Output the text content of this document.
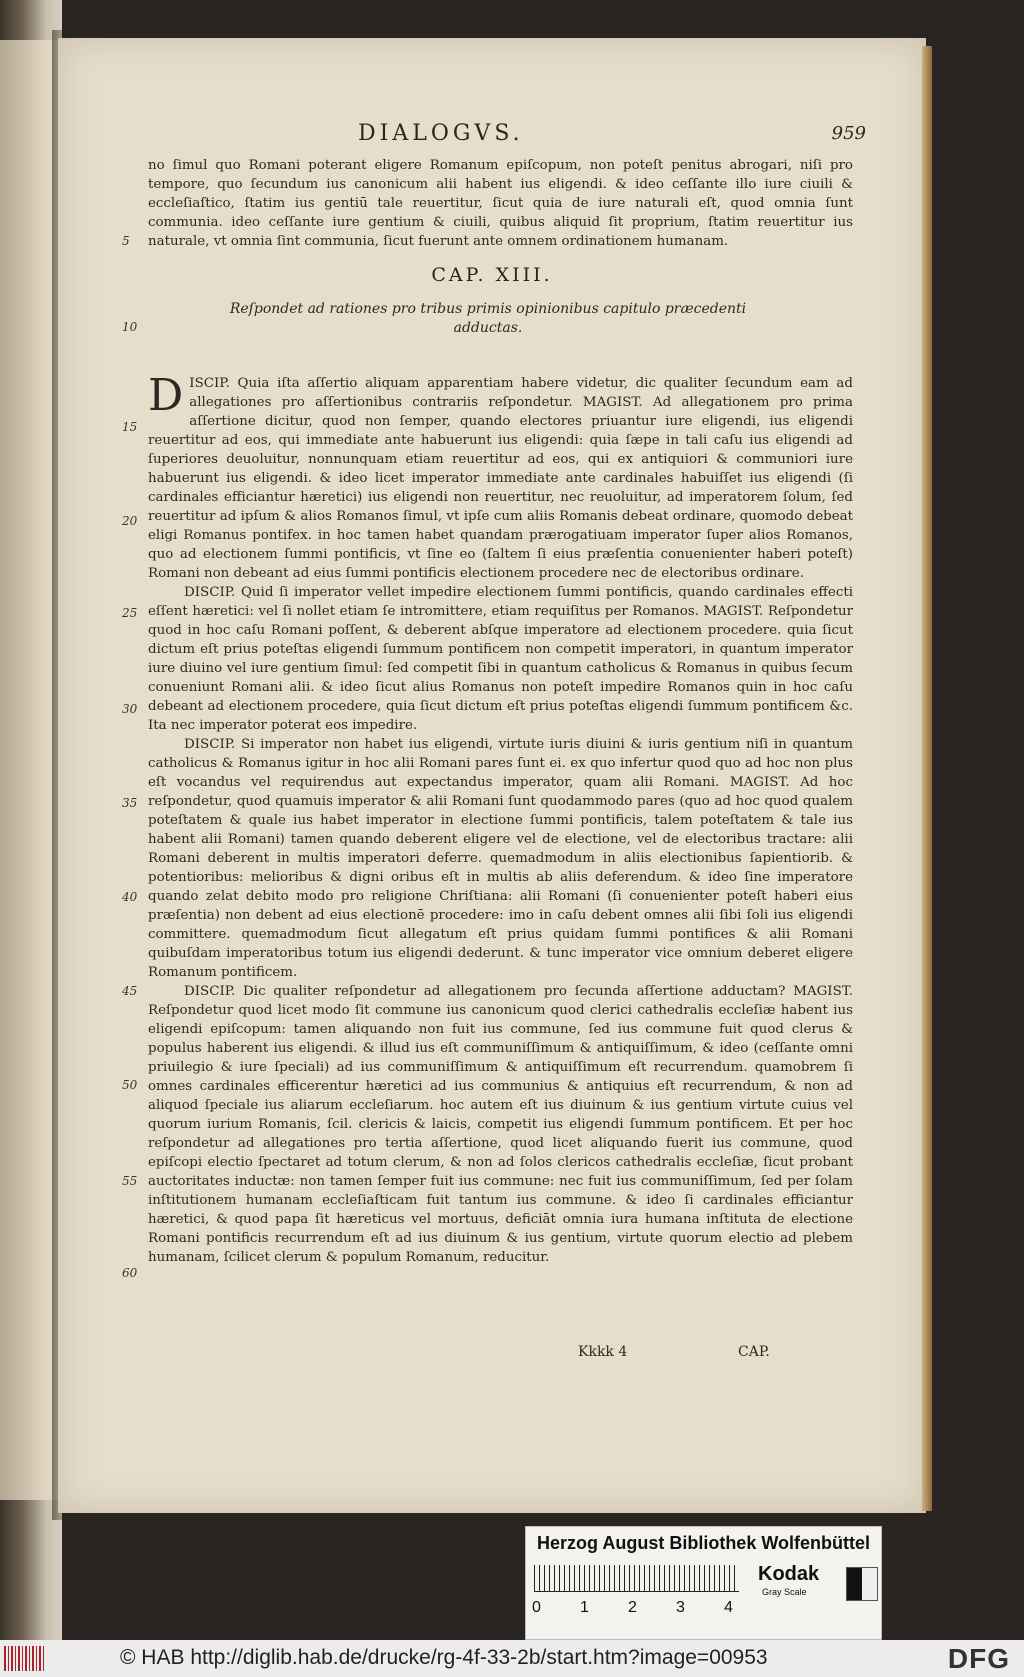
DIALOGVS.	959

no ſimul quo Romani poterant eligere Romanum epiſcopum, non poteſt penitus abrogari, niſi pro tempore, quo ſecundum ius canonicum alii habent ius eligendi. & ideo ceſſante illo iure ciuili & eccleſiaſtico, ſtatim ius gentiū tale reuertitur, ſicut quia de iure naturali eſt, quod omnia ſunt communia. ideo ceſſante iure gentium & ciuili, quibus aliquid ſit proprium, ſtatim reuertitur ius naturale, vt omnia ſint communia, ſicut fuerunt ante omnem ordinationem humanam.

CAP. XIII.
Reſpondet ad rationes pro tribus primis opinionibus capitulo præcedenti adductas.

DISCIP. Quia iſta aſſertio aliquam apparentiam habere videtur, dic qualiter ſecundum eam ad allegationes pro aſſertionibus contrariis reſpondetur. MAGIST. Ad allegationem pro prima aſſertione dicitur, quod non ſemper, quando electores priuantur iure eligendi, ius eligendi reuertitur ad eos, qui immediate ante habuerunt ius eligendi: quia ſæpe in tali caſu ius eligendi ad ſuperiores deuoluitur, nonnunquam etiam reuertitur ad eos, qui ex antiquiori & communiori iure habuerunt ius eligendi. & ideo licet imperator immediate ante cardinales habuiſſet ius eligendi (ſi cardinales efficiantur hæretici) ius eligendi non reuertitur, nec reuoluitur, ad imperatorem ſolum, ſed reuertitur ad ipſum & alios Romanos ſimul, vt ipſe cum aliis Romanis debeat ordinare, quomodo debeat eligi Romanus pontifex. in hoc tamen habet quandam prærogatiuam imperator ſuper alios Romanos, quo ad electionem ſummi pontificis, vt ſine eo (ſaltem ſi eius præſentia conuenienter haberi poteſt) Romani non debeant ad eius ſummi pontificis electionem procedere nec de electoribus ordinare.

DISCIP. Quid ſi imperator vellet impedire electionem ſummi pontificis, quando cardinales effecti eſſent hæretici: vel ſi nollet etiam ſe intromittere, etiam requiſitus per Romanos. MAGIST. Reſpondetur quod in hoc caſu Romani poſſent, & deberent abſque imperatore ad electionem procedere. quia ſicut dictum eſt prius poteſtas eligendi ſummum pontificem non competit imperatori, in quantum imperator iure diuino vel iure gentium ſimul: ſed competit ſibi in quantum catholicus & Romanus in quibus ſecum conueniunt Romani alii. & ideo ſicut alius Romanus non poteſt impedire Romanos quin in hoc caſu debeant ad electionem procedere, quia ſicut dictum eſt prius poteſtas eligendi ſummum pontificem &c. Ita nec imperator poterat eos impedire.

DISCIP. Si imperator non habet ius eligendi, virtute iuris diuini & iuris gentium niſi in quantum catholicus & Romanus igitur in hoc alii Romani pares ſunt ei. ex quo infertur quod quo ad hoc non plus eſt vocandus vel requirendus aut expectandus imperator, quam alii Romani. MAGIST. Ad hoc reſpondetur, quod quamuis imperator & alii Romani ſunt quodammodo pares (quo ad hoc quod qualem poteſtatem & quale ius habet imperator in electione ſummi pontificis, talem poteſtatem & tale ius habent alii Romani) tamen quando deberent eligere vel de electione, vel de electoribus tractare: alii Romani deberent in multis imperatori deferre. quemadmodum in aliis electionibus ſapientiorib. & potentioribus: melioribus & digni oribus eſt in multis ab aliis deferendum. & ideo ſine imperatore quando zelat debito modo pro religione Chriſtiana: alii Romani (ſi conuenienter poteſt haberi eius præſentia) non debent ad eius electionē procedere: imo in caſu debent omnes alii ſibi ſoli ius eligendi committere. quemadmodum ſicut allegatum eſt prius quidam ſummi pontifices & alii Romani quibuſdam imperatoribus totum ius eligendi dederunt. & tunc imperator vice omnium deberet eligere Romanum pontificem.

DISCIP. Dic qualiter reſpondetur ad allegationem pro ſecunda aſſertione adductam? MAGIST. Reſpondetur quod licet modo ſit commune ius canonicum quod clerici cathedralis eccleſiæ habent ius eligendi epiſcopum: tamen aliquando non fuit ius commune, ſed ius commune fuit quod clerus & populus haberent ius eligendi. & illud ius eſt communiſſimum & antiquiſſimum, & ideo (ceſſante omni priuilegio & iure ſpeciali) ad ius communiſſimum & antiquiſſimum eſt recurrendum. quamobrem ſi omnes cardinales efficerentur hæretici ad ius communius & antiquius eſt recurrendum, & non ad aliquod ſpeciale ius aliarum eccleſiarum. hoc autem eſt ius diuinum & ius gentium virtute cuius vel quorum iurium Romanis, ſcil. clericis & laicis, competit ius eligendi ſummum pontificem. Et per hoc reſpondetur ad allegationes pro tertia aſſertione, quod licet aliquando fuerit ius commune, quod epiſcopi electio ſpectaret ad totum clerum, & non ad ſolos clericos cathedralis eccleſiæ, ſicut probant auctoritates inductæ: non tamen ſemper fuit ius commune: nec fuit ius communiſſimum, ſed per ſolam inſtitutionem humanam eccleſiaſticam fuit tantum ius commune. & ideo ſi cardinales efficiantur hæretici, & quod papa ſit hæreticus vel mortuus, deficiāt omnia iura humana inſtituta de electione Romani pontificis recurrendum eſt ad ius diuinum & ius gentium, virtute quorum electio ad plebem humanam, ſcilicet clerum & populum Romanum, reducitur.

5
10
15
20
25
30
35
40
45
50
55
60
Kkkk 4	CAP.
Herzog August Bibliothek Wolfenbüttel
0 1 2 3 4
Kodak
Gray Scale
© HAB http://diglib.hab.de/drucke/rg-4f-33-2b/start.htm?image=00953	DFG
